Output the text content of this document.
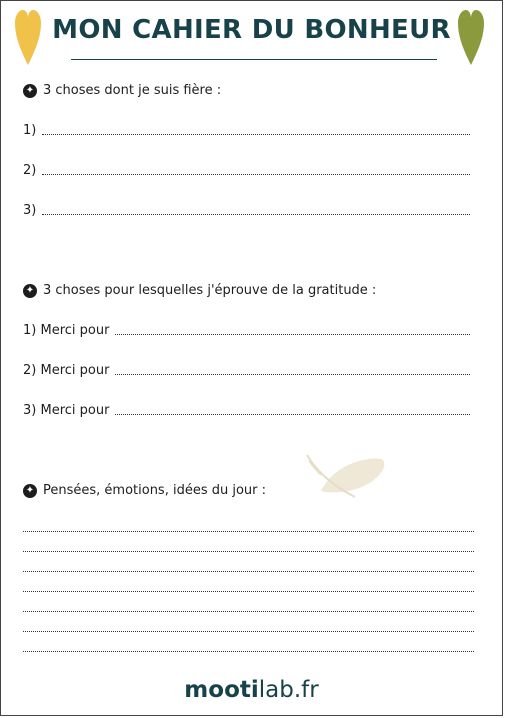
MON CAHIER DU BONHEUR
✦ 3 choses dont je suis fière :
1)
2)
3)
✦ 3 choses pour lesquelles j'éprouve de la gratitude :
1) Merci pour
2) Merci pour
3) Merci pour
✦ Pensées, émotions, idées du jour :
mootilab.fr
